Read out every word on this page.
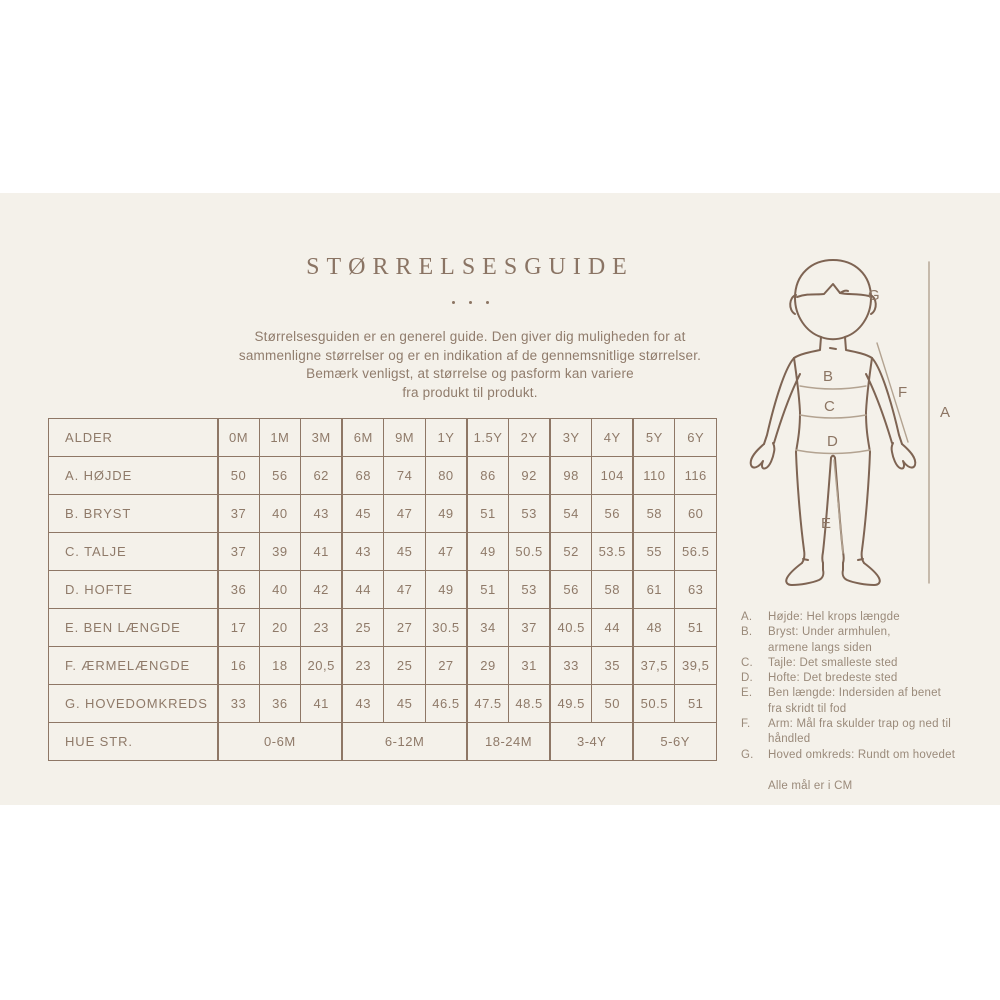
STØRRELSESGUIDE
Størrelsesguiden er en generel guide. Den giver dig muligheden for at
sammenligne størrelser og er en indikation af de gennemsnitlige størrelser.
Bemærk venligst, at størrelse og pasform kan variere
fra produkt til produkt.
ALDER	0M	1M	3M	6M	9M	1Y	1.5Y	2Y	3Y	4Y	5Y	6Y
A. HØJDE	50	56	62	68	74	80	86	92	98	104	110	116
B. BRYST	37	40	43	45	47	49	51	53	54	56	58	60
C. TALJE	37	39	41	43	45	47	49	50.5	52	53.5	55	56.5
D. HOFTE	36	40	42	44	47	49	51	53	56	58	61	63
E. BEN LÆNGDE	17	20	23	25	27	30.5	34	37	40.5	44	48	51
F. ÆRMELÆNGDE	16	18	20,5	23	25	27	29	31	33	35	37,5	39,5
G. HOVEDOMKREDS	33	36	41	43	45	46.5	47.5	48.5	49.5	50	50.5	51
HUE STR.	0-6M			6-12M			18-24M		3-4Y		5-6Y	
G
B
C
D
E
F
A
A.	Højde: Hel krops længde
B.	Bryst: Under armhulen,
armene langs siden
C.	Tajle: Det smalleste sted
D.	Hofte: Det bredeste sted
E.	Ben længde: Indersiden af benet
fra skridt til fod
F.	Arm: Mål fra skulder trap og ned til
håndled
G.	Hoved omkreds: Rundt om hovedet
Alle mål er i CM
